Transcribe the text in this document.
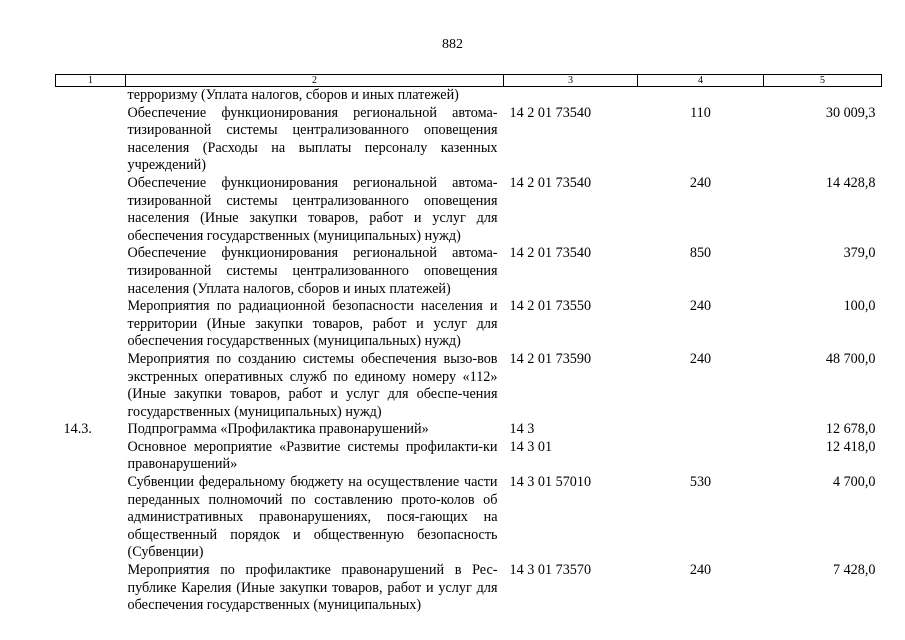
882
1	2	3	4	5
	терроризму (Уплата налогов, сборов и иных платежей)			
	Обеспечение функционирования региональной автома-тизированной системы централизованного оповещения населения (Расходы на выплаты персоналу казенных учреждений)	14 2 01 73540	110	30 009,3
	Обеспечение функционирования региональной автома-тизированной системы централизованного оповещения населения (Иные закупки товаров, работ и услуг для обеспечения государственных (муниципальных) нужд)	14 2 01 73540	240	14 428,8
	Обеспечение функционирования региональной автома-тизированной системы централизованного оповещения населения (Уплата налогов, сборов и иных платежей)	14 2 01 73540	850	379,0
	Мероприятия по радиационной безопасности населения и территории (Иные закупки товаров, работ и услуг для обеспечения государственных (муниципальных) нужд)	14 2 01 73550	240	100,0
	Мероприятия по созданию системы обеспечения вызо-вов экстренных оперативных служб по единому номеру «112» (Иные закупки товаров, работ и услуг для обеспе-чения государственных (муниципальных) нужд)	14 2 01 73590	240	48 700,0
14.3.	Подпрограмма «Профилактика правонарушений»	14 3		12 678,0
	Основное мероприятие «Развитие системы профилакти-ки правонарушений»	14 3 01		12 418,0
	Субвенции федеральному бюджету на осуществление части переданных полномочий по составлению прото-колов об административных правонарушениях, пося-гающих на общественный порядок и общественную безопасность (Субвенции)	14 3 01 57010	530	4 700,0
	Мероприятия по профилактике правонарушений в Рес-публике Карелия (Иные закупки товаров, работ и услуг для обеспечения государственных (муниципальных)	14 3 01 73570	240	7 428,0
